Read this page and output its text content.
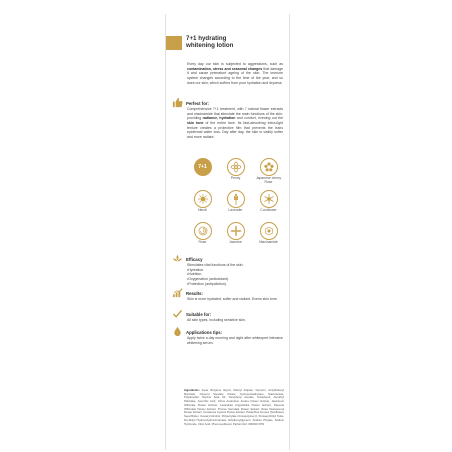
7+1 hydrating
whitening lotion
Every day our skin is subjected to aggressions, such as contamination, stress and seasonal changes that damage it and cause premature ageing of the skin. The immune system changes according to the time of the year, and so does our skin, which suffers from poor hydration and dryness.
Perfect for:
Comprehensive 7+1 treatment, with 7 natural flower extracts and niacinamide that stimulate the main functions of the skin, providing radiance, hydration and comfort, evening out the skin tone of the entire face. Its fast-absorbing extra-light texture creates a protective film that prevents the trans epidermal water loss. Day after day, the skin is visibly softer and more radiant.
7+1
Peony	Japanese cherry Rose
Neroli	Lavender	Cornflower
Rose	Jasmine	Niacinamide
Efficacy
Stimulates vital functions of the skin:
• Hydration.
• Nutrition.
• Oxygenation (antioxidant).
• Protection (antipollution).
Results:
Skin is more hydrated, softer and radiant. Evens skin tone.
Suitable for:
All skin types, including sensitive skin.
Applications tips:
Apply twice a day morning and night after whitexpert intensive whitening serum.
Ingredients: Aqua, Butylene Glycol, Dibutyl Adipate, Glycerin, Octyldodecyl Myristate, Glyceryl Stearate Citrate, Cyclopentasiloxane, Niacinamide, Propanediol, Glycine Soja Oil, Tocopheryl Acetate, Tocopherol, Ascorbyl Palmitate, Ascorbic Acid, Citrus Aurantium Amara Flower Extract, Jasminum Officinale Flower Extract, Lavandula Angustifolia Flower Extract, Paeonia Officinalis Flower Extract, Prunus Serrulata Flower Extract, Rosa Damascena Flower Extract, Centaurea Cyanus Flower Extract, Helianthus Annuus (Sunflower) Seed Butter, Cetearyl Alcohol, Polyacrylate Crosspolymer-6, Pentaerythrityl Tetra-Di-t-Butyl Hydroxyhydrocinnamate, Ethylhexylglycerin, Sodium Phytate, Sodium Hydroxide, Citric Acid, Phenoxyethanol, Parfum Ref. #00000 CHN
